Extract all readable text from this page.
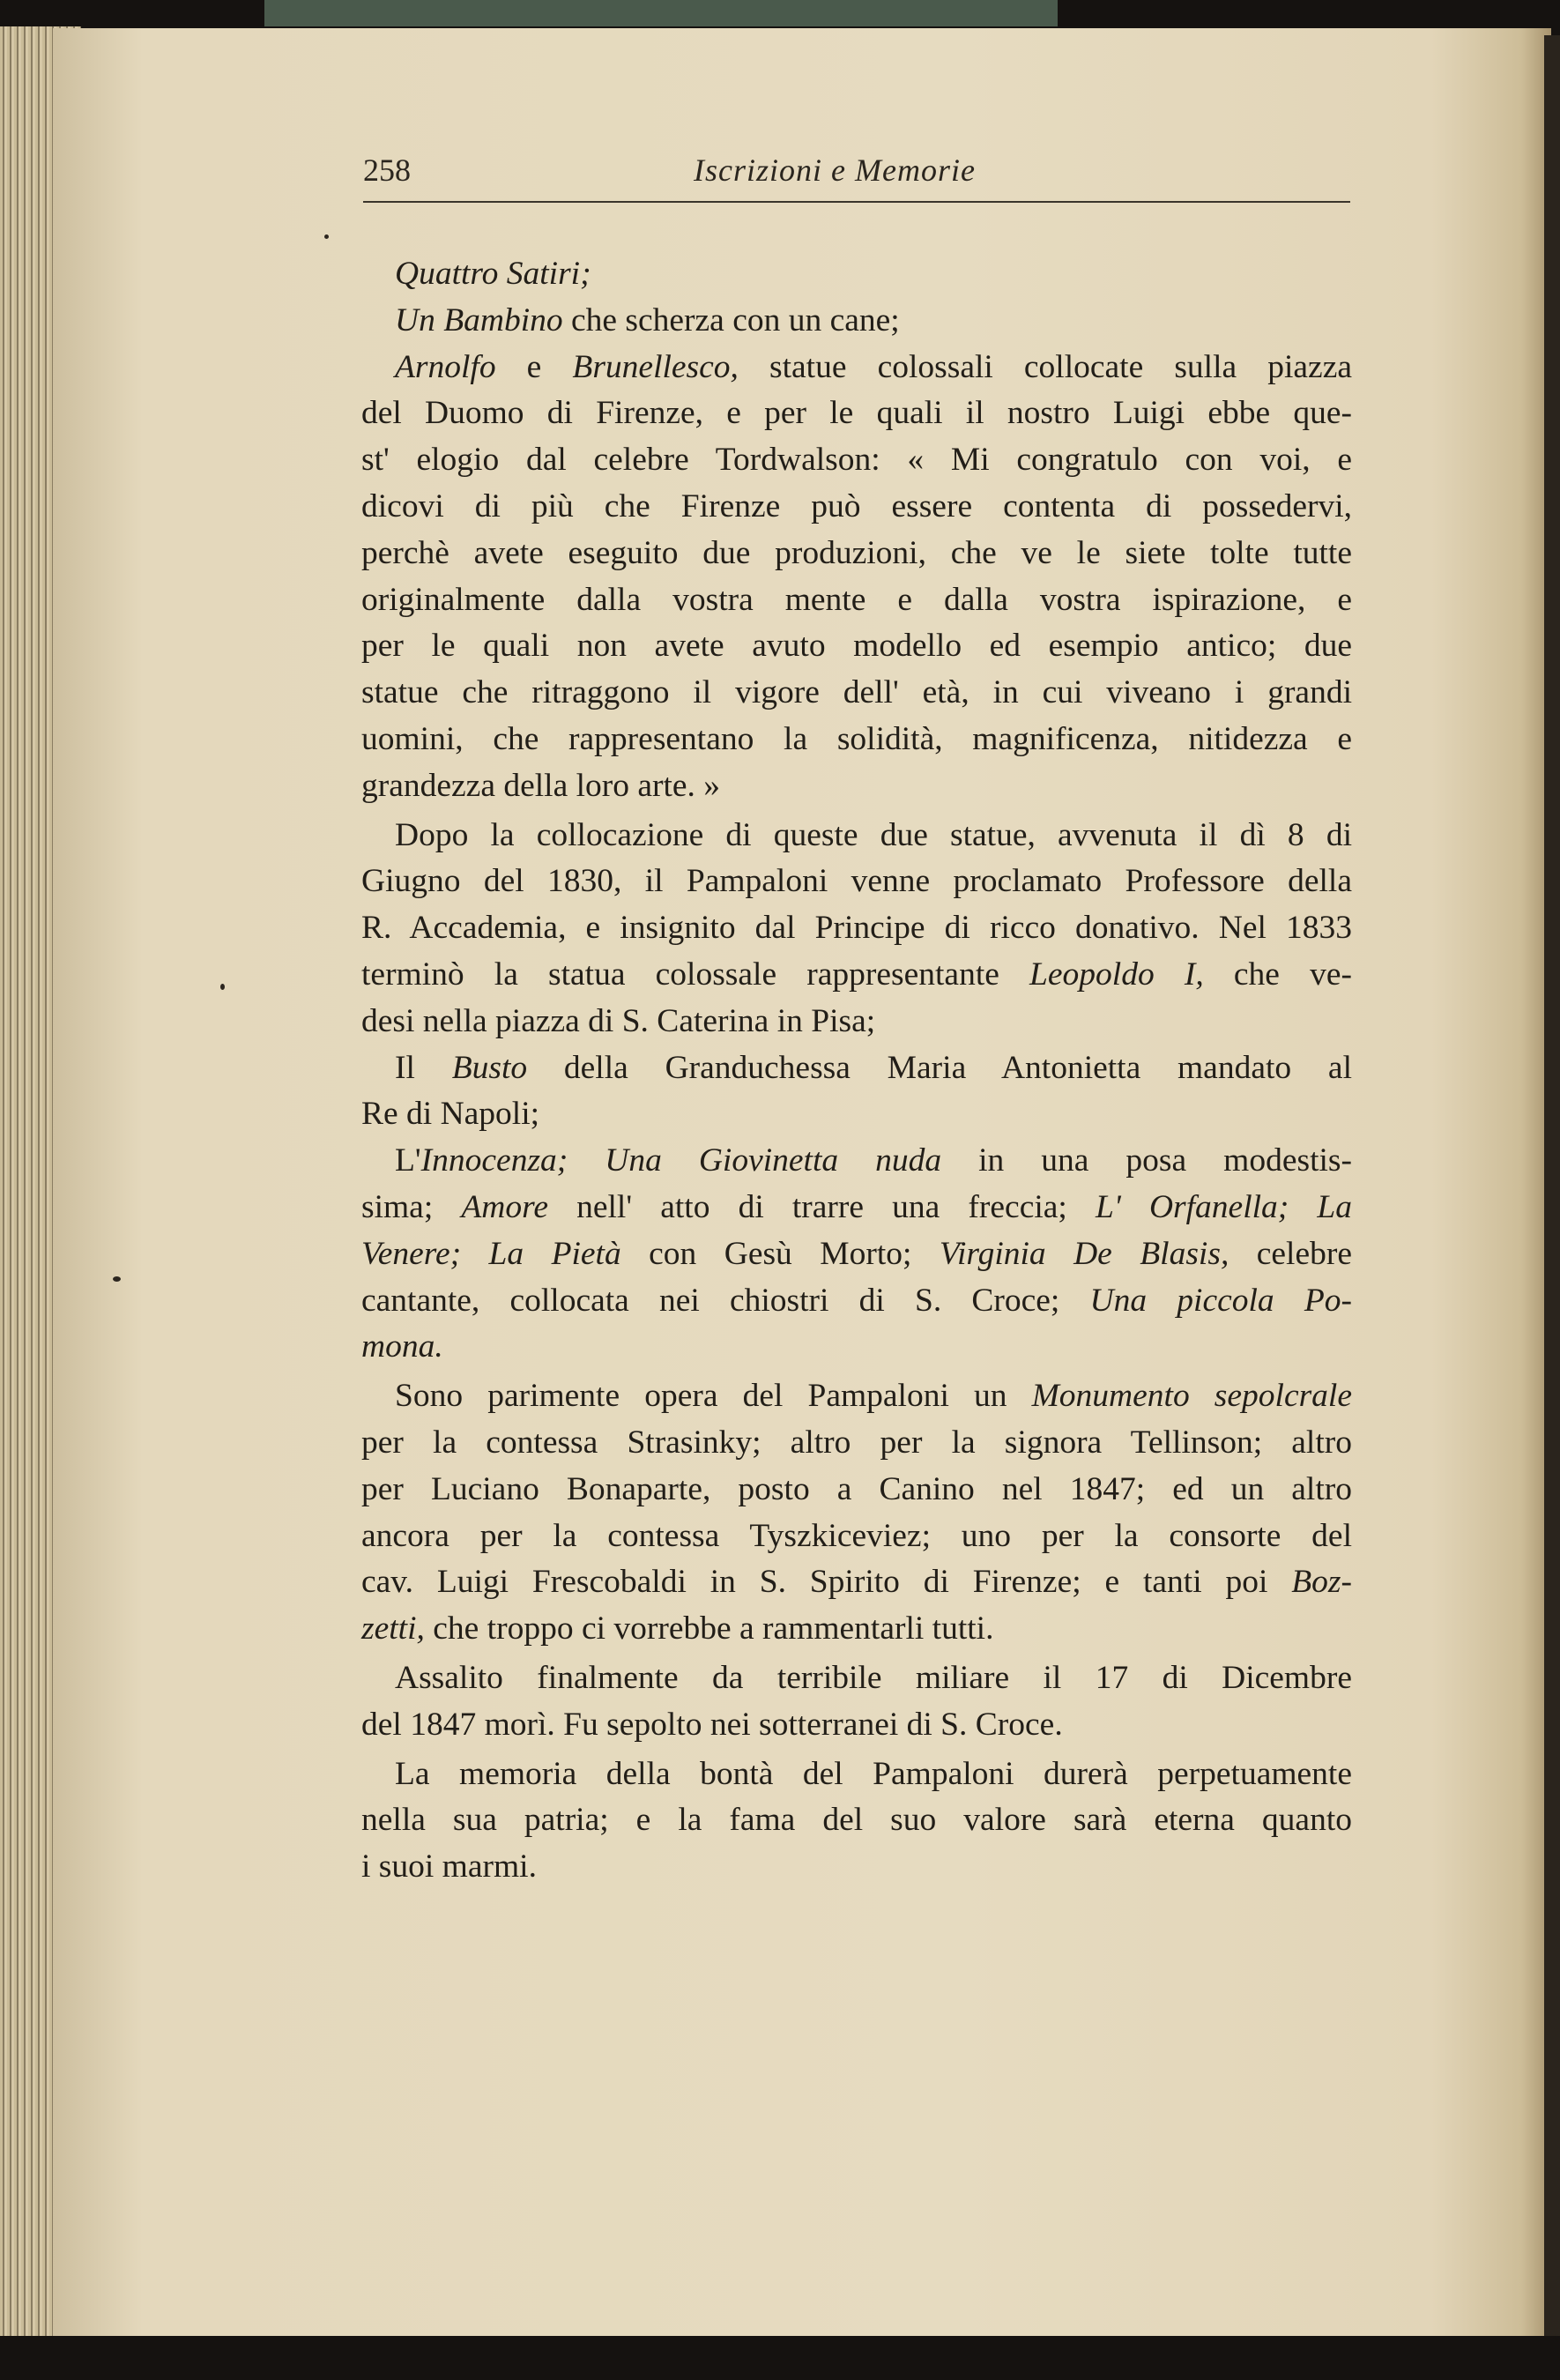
258	Iscrizioni e Memorie
Quattro Satiri;
Un Bambino che scherza con un cane;
Arnolfo e Brunellesco, statue colossali collocate sulla piazza
del Duomo di Firenze, e per le quali il nostro Luigi ebbe que-
st' elogio dal celebre Tordwalson: « Mi congratulo con voi, e
dicovi di più che Firenze può essere contenta di possedervi,
perchè avete eseguito due produzioni, che ve le siete tolte tutte
originalmente dalla vostra mente e dalla vostra ispirazione, e
per le quali non avete avuto modello ed esempio antico; due
statue che ritraggono il vigore dell' età, in cui viveano i grandi
uomini, che rappresentano la solidità, magnificenza, nitidezza e
grandezza della loro arte. »
Dopo la collocazione di queste due statue, avvenuta il dì 8 di
Giugno del 1830, il Pampaloni venne proclamato Professore della
R. Accademia, e insignito dal Principe di ricco donativo. Nel 1833
terminò la statua colossale rappresentante Leopoldo I, che ve-
desi nella piazza di S. Caterina in Pisa;
Il Busto della Granduchessa Maria Antonietta mandato al
Re di Napoli;
L'Innocenza; Una Giovinetta nuda in una posa modestis-
sima; Amore nell' atto di trarre una freccia; L' Orfanella; La
Venere; La Pietà con Gesù Morto; Virginia De Blasis, celebre
cantante, collocata nei chiostri di S. Croce; Una piccola Po-
mona.
Sono parimente opera del Pampaloni un Monumento sepolcrale
per la contessa Strasinky; altro per la signora Tellinson; altro
per Luciano Bonaparte, posto a Canino nel 1847; ed un altro
ancora per la contessa Tyszkiceviez; uno per la consorte del
cav. Luigi Frescobaldi in S. Spirito di Firenze; e tanti poi Boz-
zetti, che troppo ci vorrebbe a rammentarli tutti.
Assalito finalmente da terribile miliare il 17 di Dicembre
del 1847 morì. Fu sepolto nei sotterranei di S. Croce.
La memoria della bontà del Pampaloni durerà perpetuamente
nella sua patria; e la fama del suo valore sarà eterna quanto
i suoi marmi.
